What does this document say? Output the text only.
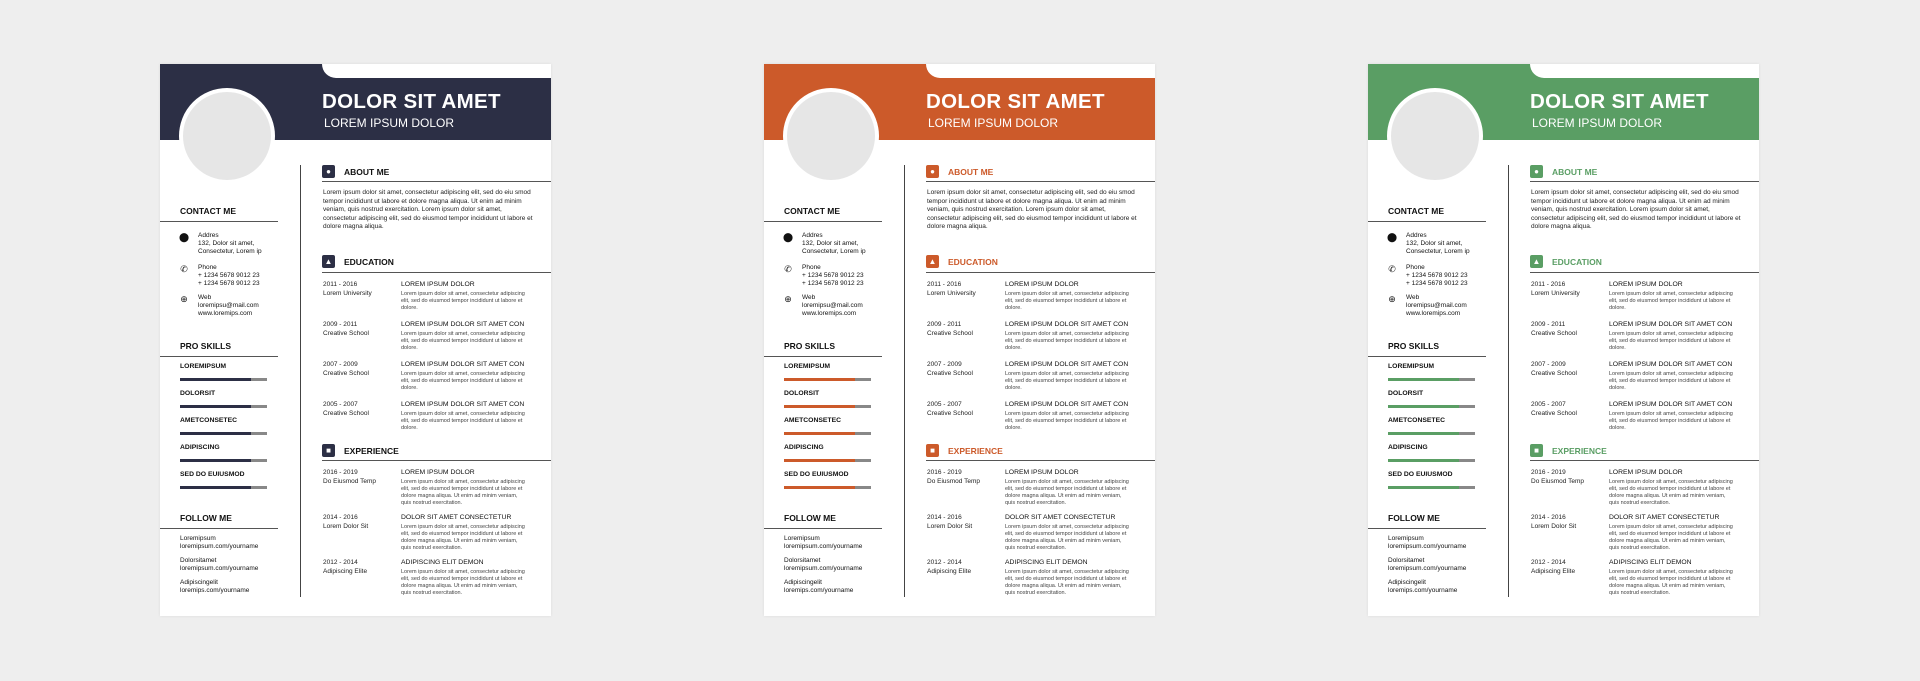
DOLOR SIT AMET
LOREM IPSUM DOLOR
CONTACT ME
⬤ Addres
132, Dolor sit amet,
Consectetur, Lorem ip
✆ Phone
+ 1234 5678 9012 23
+ 1234 5678 9012 23
⊕ Web
loremipsu@mail.com
www.loremips.com
PRO SKILLS
LOREMIPSUM
DOLORSIT
AMETCONSETEC
ADIPISCING
SED DO EUIUSMOD
FOLLOW ME
Loremipsum
loremipsum.com/yourname
Dolorsitamet
loremipsum.com/yourname
Adipiscingelit
loremips.com/yourname
●	ABOUT ME
Lorem ipsum dolor sit amet, consectetur adipiscing elit, sed do eiu smod tempor incididunt ut labore et dolore magna aliqua. Ut enim ad minim veniam, quis nostrud exercitation. Lorem ipsum dolor sit amet, consectetur adipiscing elit, sed do eiusmod tempor incididunt ut labore et dolore magna aliqua.
▲ EDUCATION
2011 - 2016
Lorem University
LOREM IPSUM DOLOR
Lorem ipsum dolor sit amet, consectetur adipiscing elit, sed do eiusmod tempor incididunt ut labore et dolore.
2009 - 2011
Creative School
LOREM IPSUM DOLOR SIT AMET CON
Lorem ipsum dolor sit amet, consectetur adipiscing elit, sed do eiusmod tempor incididunt ut labore et dolore.
2007 - 2009
Creative School
LOREM IPSUM DOLOR SIT AMET CON
Lorem ipsum dolor sit amet, consectetur adipiscing elit, sed do eiusmod tempor incididunt ut labore et dolore.
2005 - 2007
Creative School
LOREM IPSUM DOLOR SIT AMET CON
Lorem ipsum dolor sit amet, consectetur adipiscing elit, sed do eiusmod tempor incididunt ut labore et dolore.
■	EXPERIENCE
2016 - 2019
Do Eiusmod Temp
LOREM IPSUM DOLOR
Lorem ipsum dolor sit amet, consectetur adipiscing elit, sed do eiusmod tempor incididunt ut labore et dolore magna aliqua. Ut enim ad minim veniam, quis nostrud exercitation.
2014 - 2016
Lorem Dolor Sit
DOLOR SIT AMET CONSECTETUR
Lorem ipsum dolor sit amet, consectetur adipiscing elit, sed do eiusmod tempor incididunt ut labore et dolore magna aliqua. Ut enim ad minim veniam, quis nostrud exercitation.
2012 - 2014
Adipiscing Elite
ADIPISCING ELIT DEMON
Lorem ipsum dolor sit amet, consectetur adipiscing elit, sed do eiusmod tempor incididunt ut labore et dolore magna aliqua. Ut enim ad minim veniam, quis nostrud exercitation.
DOLOR SIT AMET
LOREM IPSUM DOLOR
CONTACT ME
⬤ Addres
132, Dolor sit amet,
Consectetur, Lorem ip
✆ Phone
+ 1234 5678 9012 23
+ 1234 5678 9012 23
⊕ Web
loremipsu@mail.com
www.loremips.com
PRO SKILLS
LOREMIPSUM
DOLORSIT
AMETCONSETEC
ADIPISCING
SED DO EUIUSMOD
FOLLOW ME
Loremipsum
loremipsum.com/yourname
Dolorsitamet
loremipsum.com/yourname
Adipiscingelit
loremips.com/yourname
●	ABOUT ME
Lorem ipsum dolor sit amet, consectetur adipiscing elit, sed do eiu smod tempor incididunt ut labore et dolore magna aliqua. Ut enim ad minim veniam, quis nostrud exercitation. Lorem ipsum dolor sit amet, consectetur adipiscing elit, sed do eiusmod tempor incididunt ut labore et dolore magna aliqua.
▲ EDUCATION
2011 - 2016
Lorem University
LOREM IPSUM DOLOR
Lorem ipsum dolor sit amet, consectetur adipiscing elit, sed do eiusmod tempor incididunt ut labore et dolore.
2009 - 2011
Creative School
LOREM IPSUM DOLOR SIT AMET CON
Lorem ipsum dolor sit amet, consectetur adipiscing elit, sed do eiusmod tempor incididunt ut labore et dolore.
2007 - 2009
Creative School
LOREM IPSUM DOLOR SIT AMET CON
Lorem ipsum dolor sit amet, consectetur adipiscing elit, sed do eiusmod tempor incididunt ut labore et dolore.
2005 - 2007
Creative School
LOREM IPSUM DOLOR SIT AMET CON
Lorem ipsum dolor sit amet, consectetur adipiscing elit, sed do eiusmod tempor incididunt ut labore et dolore.
■	EXPERIENCE
2016 - 2019
Do Eiusmod Temp
LOREM IPSUM DOLOR
Lorem ipsum dolor sit amet, consectetur adipiscing elit, sed do eiusmod tempor incididunt ut labore et dolore magna aliqua. Ut enim ad minim veniam, quis nostrud exercitation.
2014 - 2016
Lorem Dolor Sit
DOLOR SIT AMET CONSECTETUR
Lorem ipsum dolor sit amet, consectetur adipiscing elit, sed do eiusmod tempor incididunt ut labore et dolore magna aliqua. Ut enim ad minim veniam, quis nostrud exercitation.
2012 - 2014
Adipiscing Elite
ADIPISCING ELIT DEMON
Lorem ipsum dolor sit amet, consectetur adipiscing elit, sed do eiusmod tempor incididunt ut labore et dolore magna aliqua. Ut enim ad minim veniam, quis nostrud exercitation.
DOLOR SIT AMET
LOREM IPSUM DOLOR
CONTACT ME
⬤ Addres
132, Dolor sit amet,
Consectetur, Lorem ip
✆ Phone
+ 1234 5678 9012 23
+ 1234 5678 9012 23
⊕ Web
loremipsu@mail.com
www.loremips.com
PRO SKILLS
LOREMIPSUM
DOLORSIT
AMETCONSETEC
ADIPISCING
SED DO EUIUSMOD
FOLLOW ME
Loremipsum
loremipsum.com/yourname
Dolorsitamet
loremipsum.com/yourname
Adipiscingelit
loremips.com/yourname
●	ABOUT ME
Lorem ipsum dolor sit amet, consectetur adipiscing elit, sed do eiu smod tempor incididunt ut labore et dolore magna aliqua. Ut enim ad minim veniam, quis nostrud exercitation. Lorem ipsum dolor sit amet, consectetur adipiscing elit, sed do eiusmod tempor incididunt ut labore et dolore magna aliqua.
▲ EDUCATION
2011 - 2016
Lorem University
LOREM IPSUM DOLOR
Lorem ipsum dolor sit amet, consectetur adipiscing elit, sed do eiusmod tempor incididunt ut labore et dolore.
2009 - 2011
Creative School
LOREM IPSUM DOLOR SIT AMET CON
Lorem ipsum dolor sit amet, consectetur adipiscing elit, sed do eiusmod tempor incididunt ut labore et dolore.
2007 - 2009
Creative School
LOREM IPSUM DOLOR SIT AMET CON
Lorem ipsum dolor sit amet, consectetur adipiscing elit, sed do eiusmod tempor incididunt ut labore et dolore.
2005 - 2007
Creative School
LOREM IPSUM DOLOR SIT AMET CON
Lorem ipsum dolor sit amet, consectetur adipiscing elit, sed do eiusmod tempor incididunt ut labore et dolore.
■	EXPERIENCE
2016 - 2019
Do Eiusmod Temp
LOREM IPSUM DOLOR
Lorem ipsum dolor sit amet, consectetur adipiscing elit, sed do eiusmod tempor incididunt ut labore et dolore magna aliqua. Ut enim ad minim veniam, quis nostrud exercitation.
2014 - 2016
Lorem Dolor Sit
DOLOR SIT AMET CONSECTETUR
Lorem ipsum dolor sit amet, consectetur adipiscing elit, sed do eiusmod tempor incididunt ut labore et dolore magna aliqua. Ut enim ad minim veniam, quis nostrud exercitation.
2012 - 2014
Adipiscing Elite
ADIPISCING ELIT DEMON
Lorem ipsum dolor sit amet, consectetur adipiscing elit, sed do eiusmod tempor incididunt ut labore et dolore magna aliqua. Ut enim ad minim veniam, quis nostrud exercitation.
